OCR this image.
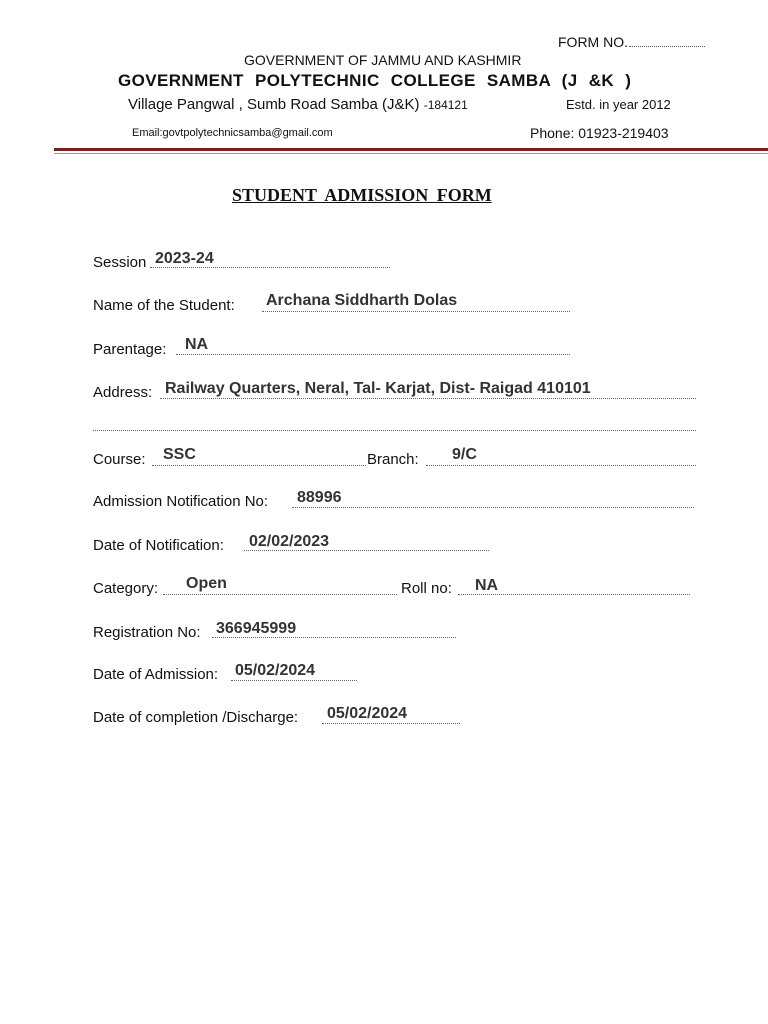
FORM NO.
GOVERNMENT OF JAMMU AND KASHMIR
GOVERNMENT POLYTECHNIC COLLEGE SAMBA (J &K )
Village Pangwal , Sumb Road Samba (J&K) -184121	Estd. in year 2012
Email:govtpolytechnicsamba@gmail.com	Phone: 01923-219403
STUDENT ADMISSION FORM
Session 2023-24
Name of the Student: Archana Siddharth Dolas
Parentage: NA
Address: Railway Quarters, Neral, Tal- Karjat, Dist- Raigad 410101
Course: SSC	Branch: 9/C
Admission Notification No: 88996
Date of Notification: 02/02/2023
Category: Open	Roll no: NA
Registration No: 366945999
Date of Admission: 05/02/2024
Date of completion /Discharge: 05/02/2024
